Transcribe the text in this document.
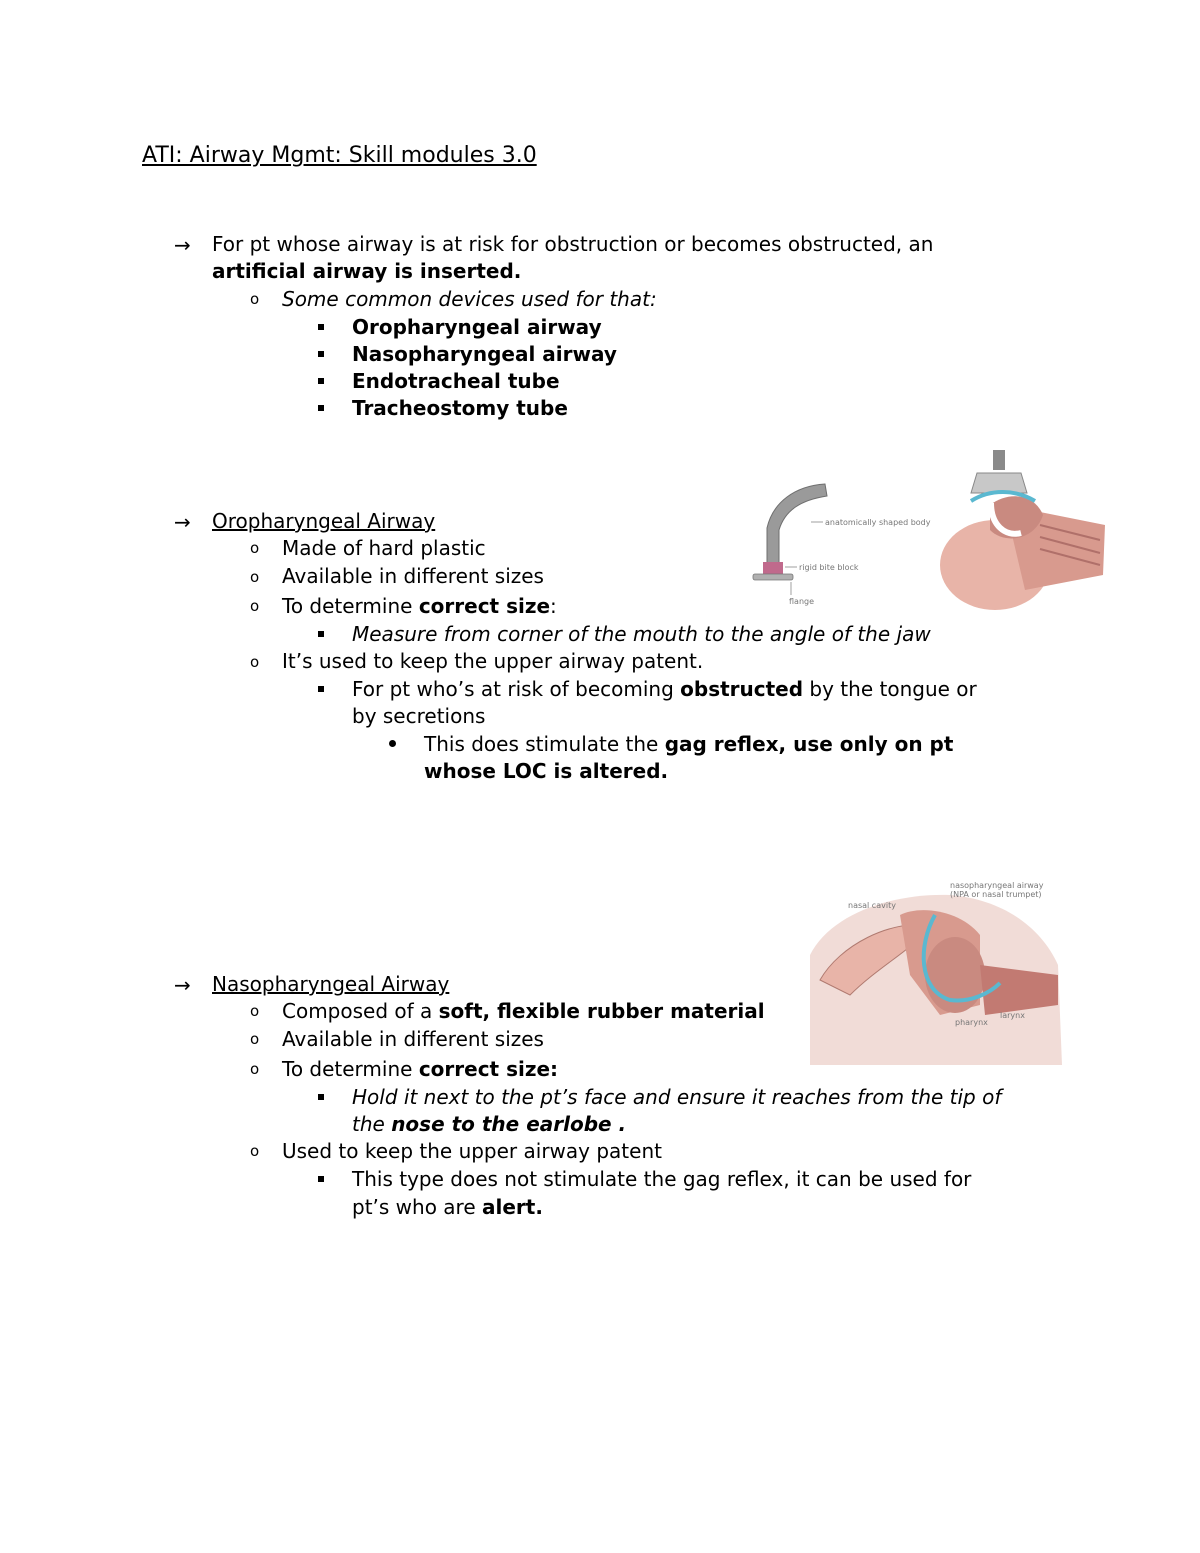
ATI: Airway Mgmt: Skill modules 3.0
→ For pt whose airway is at risk for obstruction or becomes obstructed, an
artificial airway is inserted.
o Some common devices used for that:
Oropharyngeal airway
Nasopharyngeal airway
Endotracheal tube
Tracheostomy tube
→ Oropharyngeal Airway
o Made of hard plastic
o Available in different sizes
o To determine correct size:
Measure from corner of the mouth to the angle of the jaw
o It’s used to keep the upper airway patent.
For pt who’s at risk of becoming obstructed by the tongue or
by secretions
This does stimulate the gag reflex, use only on pt
whose LOC is altered.
anatomically shaped body
rigid bite block
flange
→ Nasopharyngeal Airway
o Composed of a soft, flexible rubber material
o Available in different sizes
o To determine correct size:
Hold it next to the pt’s face and ensure it reaches from the tip of
the nose to the earlobe .
o Used to keep the upper airway patent
This type does not stimulate the gag reflex, it can be used for
pt’s who are alert.
nasopharyngeal airway
(NPA or nasal trumpet)
nasal cavity
pharynx
larynx
